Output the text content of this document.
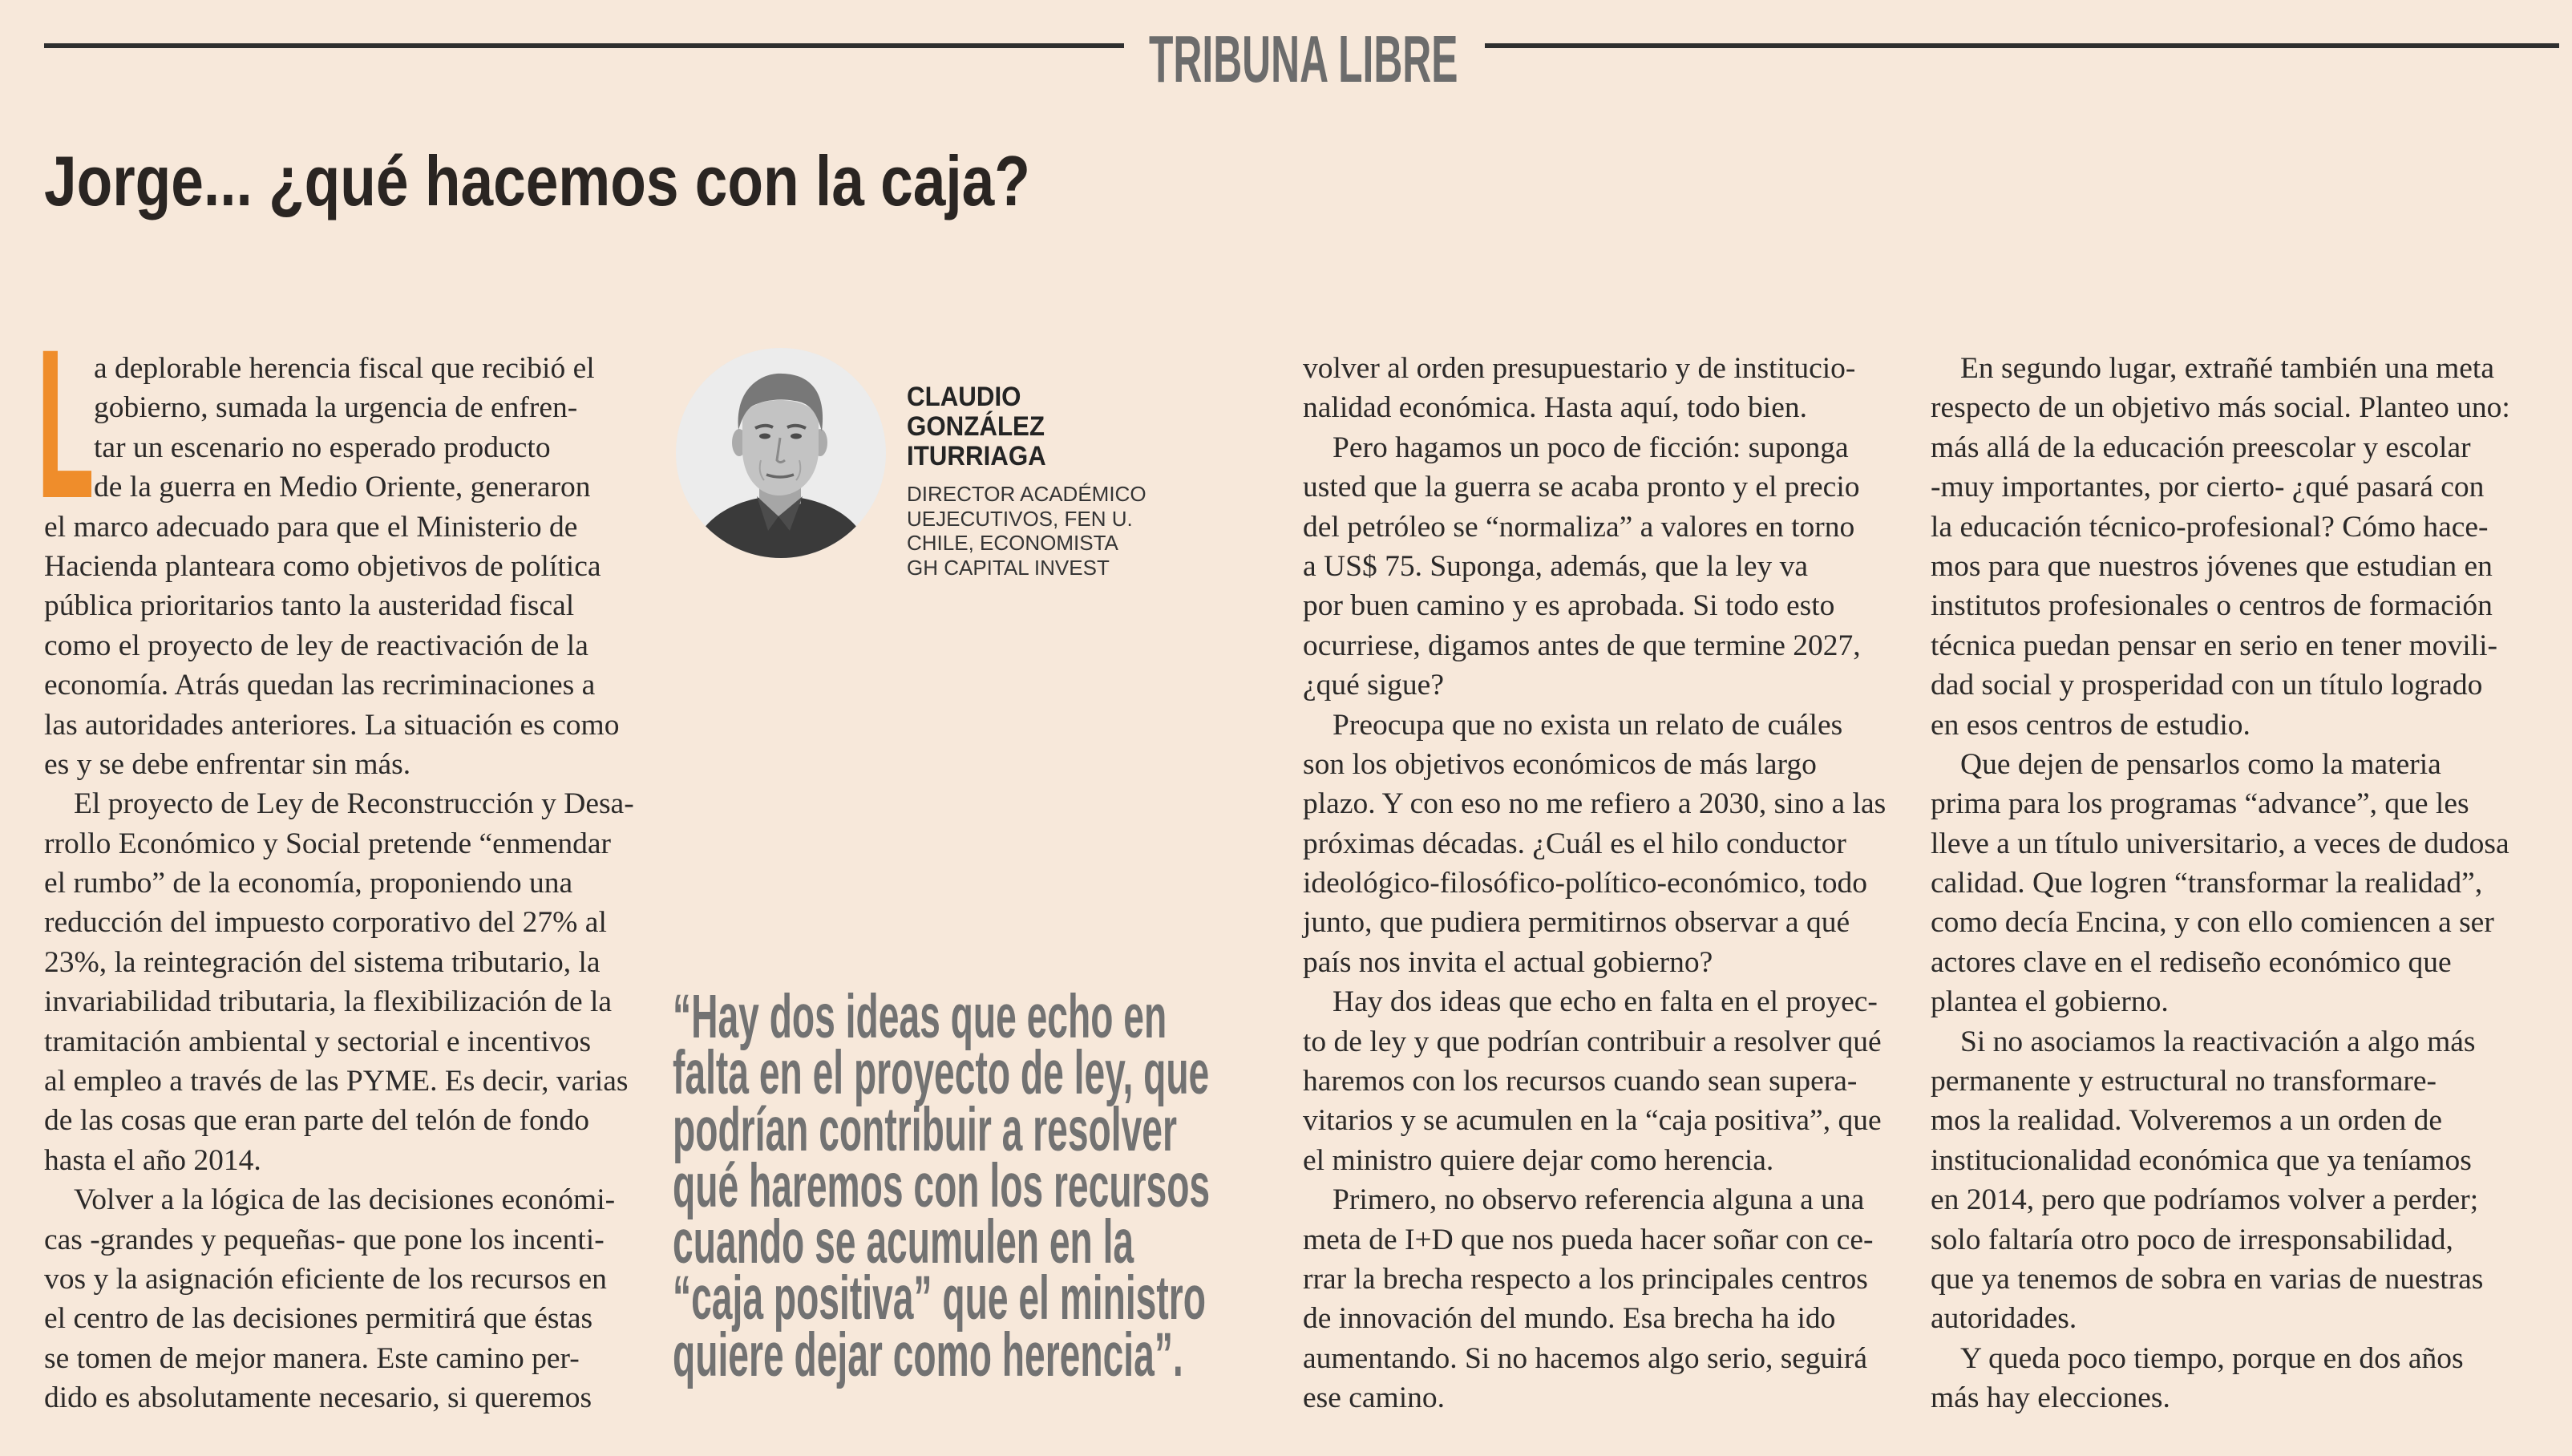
TRIBUNA LIBRE
Jorge... ¿qué hacemos con la caja?
L a deplorable herencia fiscal que recibió el
gobierno, sumada la urgencia de enfren-
tar un escenario no esperado producto
de la guerra en Medio Oriente, generaron
el marco adecuado para que el Ministerio de
Hacienda planteara como objetivos de política
pública prioritarios tanto la austeridad fiscal
como el proyecto de ley de reactivación de la
economía. Atrás quedan las recriminaciones a
las autoridades anteriores. La situación es como
es y se debe enfrentar sin más.
El proyecto de Ley de Reconstrucción y Desa-
rrollo Económico y Social pretende “enmendar
el rumbo” de la economía, proponiendo una
reducción del impuesto corporativo del 27% al
23%, la reintegración del sistema tributario, la
invariabilidad tributaria, la flexibilización de la
tramitación ambiental y sectorial e incentivos
al empleo a través de las PYME. Es decir, varias
de las cosas que eran parte del telón de fondo
hasta el año 2014.
Volver a la lógica de las decisiones económi-
cas -grandes y pequeñas- que pone los incenti-
vos y la asignación eficiente de los recursos en
el centro de las decisiones permitirá que éstas
se tomen de mejor manera. Este camino per-
dido es absolutamente necesario, si queremos
volver al orden presupuestario y de institucio-
nalidad económica. Hasta aquí, todo bien.
Pero hagamos un poco de ficción: suponga
usted que la guerra se acaba pronto y el precio
del petróleo se “normaliza” a valores en torno
a US$ 75. Suponga, además, que la ley va
por buen camino y es aprobada. Si todo esto
ocurriese, digamos antes de que termine 2027,
¿qué sigue?
Preocupa que no exista un relato de cuáles
son los objetivos económicos de más largo
plazo. Y con eso no me refiero a 2030, sino a las
próximas décadas. ¿Cuál es el hilo conductor
ideológico-filosófico-político-económico, todo
junto, que pudiera permitirnos observar a qué
país nos invita el actual gobierno?
Hay dos ideas que echo en falta en el proyec-
to de ley y que podrían contribuir a resolver qué
haremos con los recursos cuando sean supera-
vitarios y se acumulen en la “caja positiva”, que
el ministro quiere dejar como herencia.
Primero, no observo referencia alguna a una
meta de I+D que nos pueda hacer soñar con ce-
rrar la brecha respecto a los principales centros
de innovación del mundo. Esa brecha ha ido
aumentando. Si no hacemos algo serio, seguirá
ese camino.
En segundo lugar, extrañé también una meta
respecto de un objetivo más social. Planteo uno:
más allá de la educación preescolar y escolar
-muy importantes, por cierto- ¿qué pasará con
la educación técnico-profesional? Cómo hace-
mos para que nuestros jóvenes que estudian en
institutos profesionales o centros de formación
técnica puedan pensar en serio en tener movili-
dad social y prosperidad con un título logrado
en esos centros de estudio.
Que dejen de pensarlos como la materia
prima para los programas “advance”, que les
lleve a un título universitario, a veces de dudosa
calidad. Que logren “transformar la realidad”,
como decía Encina, y con ello comiencen a ser
actores clave en el rediseño económico que
plantea el gobierno.
Si no asociamos la reactivación a algo más
permanente y estructural no transformare-
mos la realidad. Volveremos a un orden de
institucionalidad económica que ya teníamos
en 2014, pero que podríamos volver a perder;
solo faltaría otro poco de irresponsabilidad,
que ya tenemos de sobra en varias de nuestras
autoridades.
Y queda poco tiempo, porque en dos años
más hay elecciones.
CLAUDIO
GONZÁLEZ
ITURRIAGA
DIRECTOR ACADÉMICO
UEJECUTIVOS, FEN U.
CHILE, ECONOMISTA
GH CAPITAL INVEST
“Hay dos ideas que echo en
falta en el proyecto de ley, que
podrían contribuir a resolver
qué haremos con los recursos
cuando se acumulen en la
“caja positiva” que el ministro
quiere dejar como herencia”.
